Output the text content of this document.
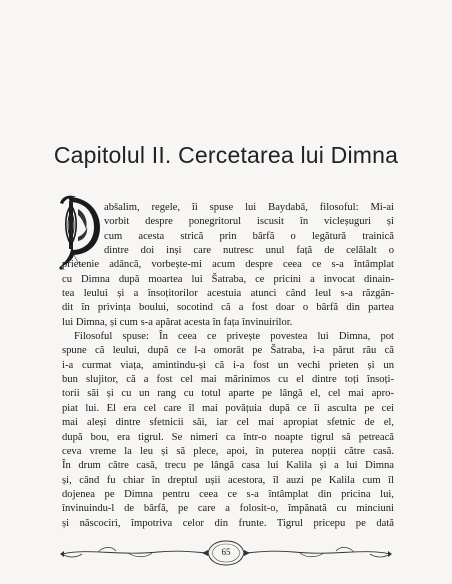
Capitolul II. Cercetarea lui Dimna
abšalim, regele, îi spuse lui Baydabā, filosoful: Mi-ai
vorbit despre ponegritorul iscusit în vicleșuguri și
cum acesta strică prin bârfă o legătură trainică
dintre doi inși care nutresc unul față de celălalt o
prietenie adâncă, vorbește-mi acum despre ceea ce s-a întâmplat
cu Dimna după moartea lui Šatraba, ce pricini a invocat dinain-
tea leului și a însoțitorilor acestuia atunci când leul s-a răzgân-
dit în privința boului, socotind că a fost doar o bârfă din partea
lui Dimna, și cum s-a apărat acesta în fața învinuirilor.
Filosoful spuse: În ceea ce privește povestea lui Dimna, pot
spune că leului, după ce l-a omorât pe Šatraba, i-a părut rău că
i-a curmat viața, amintindu-și că i-a fost un vechi prieten și un
bun slujitor, că a fost cel mai mărinimos cu el dintre toți însoți-
torii săi și cu un rang cu totul aparte pe lângă el, cel mai apro-
piat lui. El era cel care îl mai povățuia după ce îi asculta pe cei
mai aleși dintre sfetnicii săi, iar cel mai apropiat sfetnic de el,
după bou, era tigrul. Se nimeri ca într-o noapte tigrul să petreacă
ceva vreme la leu și să plece, apoi, în puterea nopții către casă.
În drum către casă, trecu pe lângă casa lui Kalila și a lui Dimna
și, când fu chiar în dreptul ușii acestora, îl auzi pe Kalila cum îl
dojenea pe Dimna pentru ceea ce s-a întâmplat din pricina lui,
învinuindu-l de bârfă, pe care a folosit-o, împănată cu minciuni
și născociri, împotriva celor din frunte. Tigrul pricepu pe dată
65
